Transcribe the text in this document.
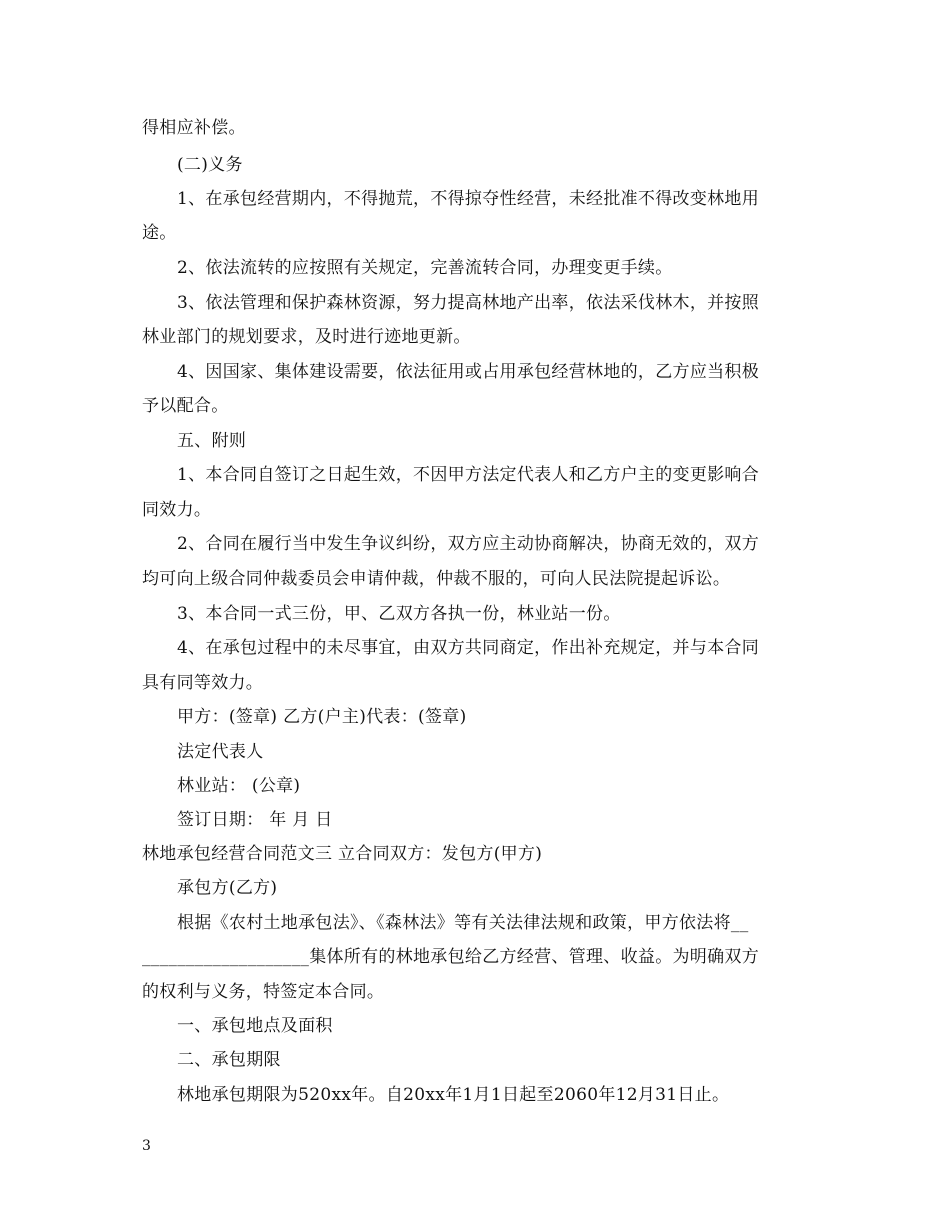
得相应补偿。
(二)义务
1、在承包经营期内，不得抛荒，不得掠夺性经营，未经批准不得改变林地用
途。
2、依法流转的应按照有关规定，完善流转合同，办理变更手续。
3、依法管理和保护森林资源，努力提高林地产出率，依法采伐林木，并按照
林业部门的规划要求，及时进行迹地更新。
4、因国家、集体建设需要，依法征用或占用承包经营林地的，乙方应当积极
予以配合。
五、附则
1、本合同自签订之日起生效，不因甲方法定代表人和乙方户主的变更影响合
同效力。
2、合同在履行当中发生争议纠纷，双方应主动协商解决，协商无效的，双方
均可向上级合同仲裁委员会申请仲裁，仲裁不服的，可向人民法院提起诉讼。
3、本合同一式三份，甲、乙双方各执一份，林业站一份。
4、在承包过程中的未尽事宜，由双方共同商定，作出补充规定，并与本合同
具有同等效力。
甲方：(签章) 乙方(户主)代表：(签章)
法定代表人
林业站： (公章)
签订日期： 年 月 日
林地承包经营合同范文三 立合同双方：发包方(甲方)
承包方(乙方)
根据《农村土地承包法》、《森林法》等有关法律法规和政策，甲方依法将__
___________________集体所有的林地承包给乙方经营、管理、收益。为明确双方
的权利与义务，特签定本合同。
一、承包地点及面积
二、承包期限
林地承包期限为520xx年。自20xx年1月1日起至2060年12月31日止。
3
